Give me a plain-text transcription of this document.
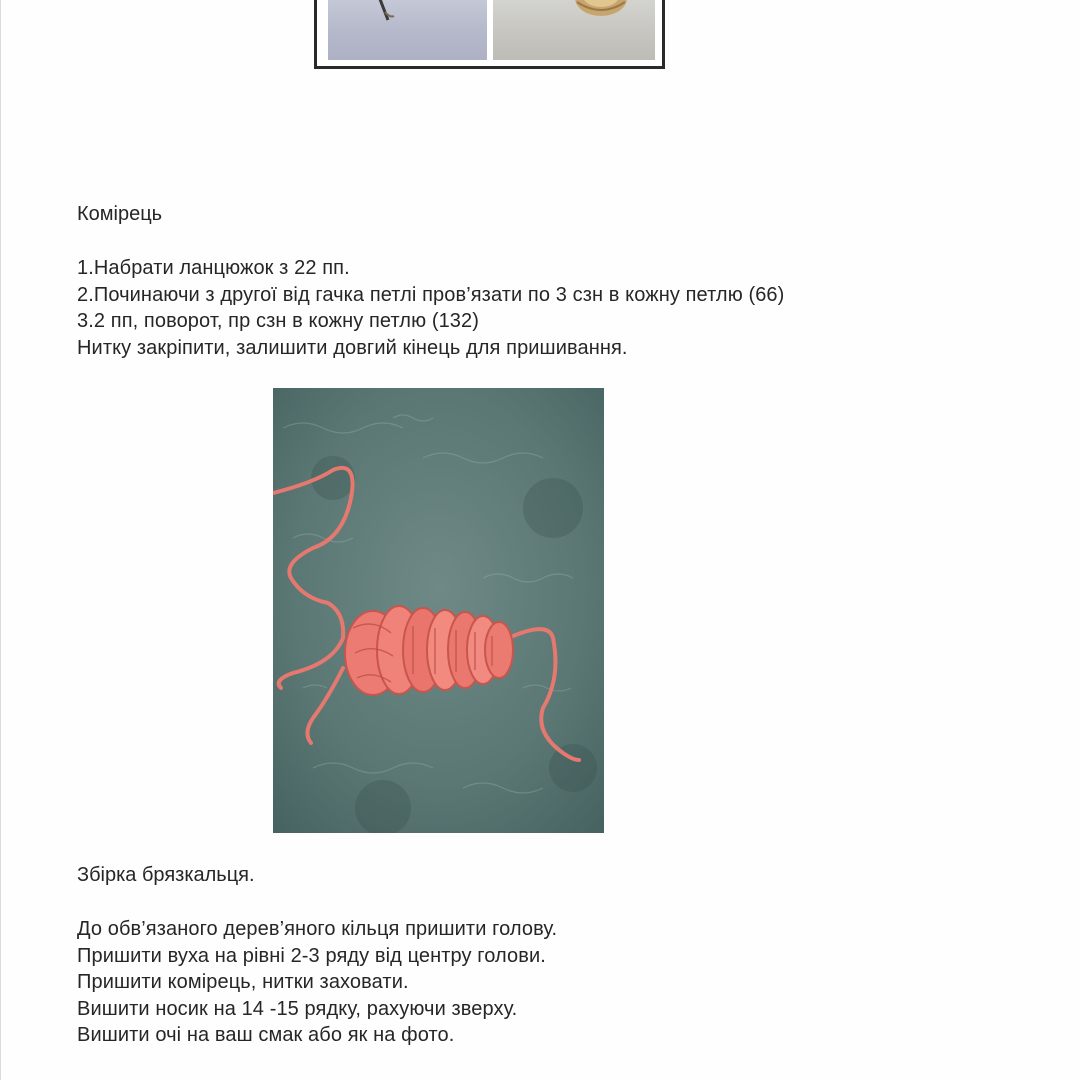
Комірець

1.Набрати ланцюжок з 22 пп.
2.Починаючи з другої від гачка петлі пров’язати по 3 сзн в кожну петлю (66)
3.2 пп, поворот, пр сзн в кожну петлю (132)
Нитку закріпити, залишити довгий кінець для пришивання.

Збірка брязкальця.

До обв’язаного дерев’яного кільця пришити голову.
Пришити вуха на рівні 2-3 ряду від центру голови.
Пришити комірець, нитки заховати.
Вишити носик на 14 -15 рядку, рахуючи зверху.
Вишити очі на ваш смак або як на фото.
